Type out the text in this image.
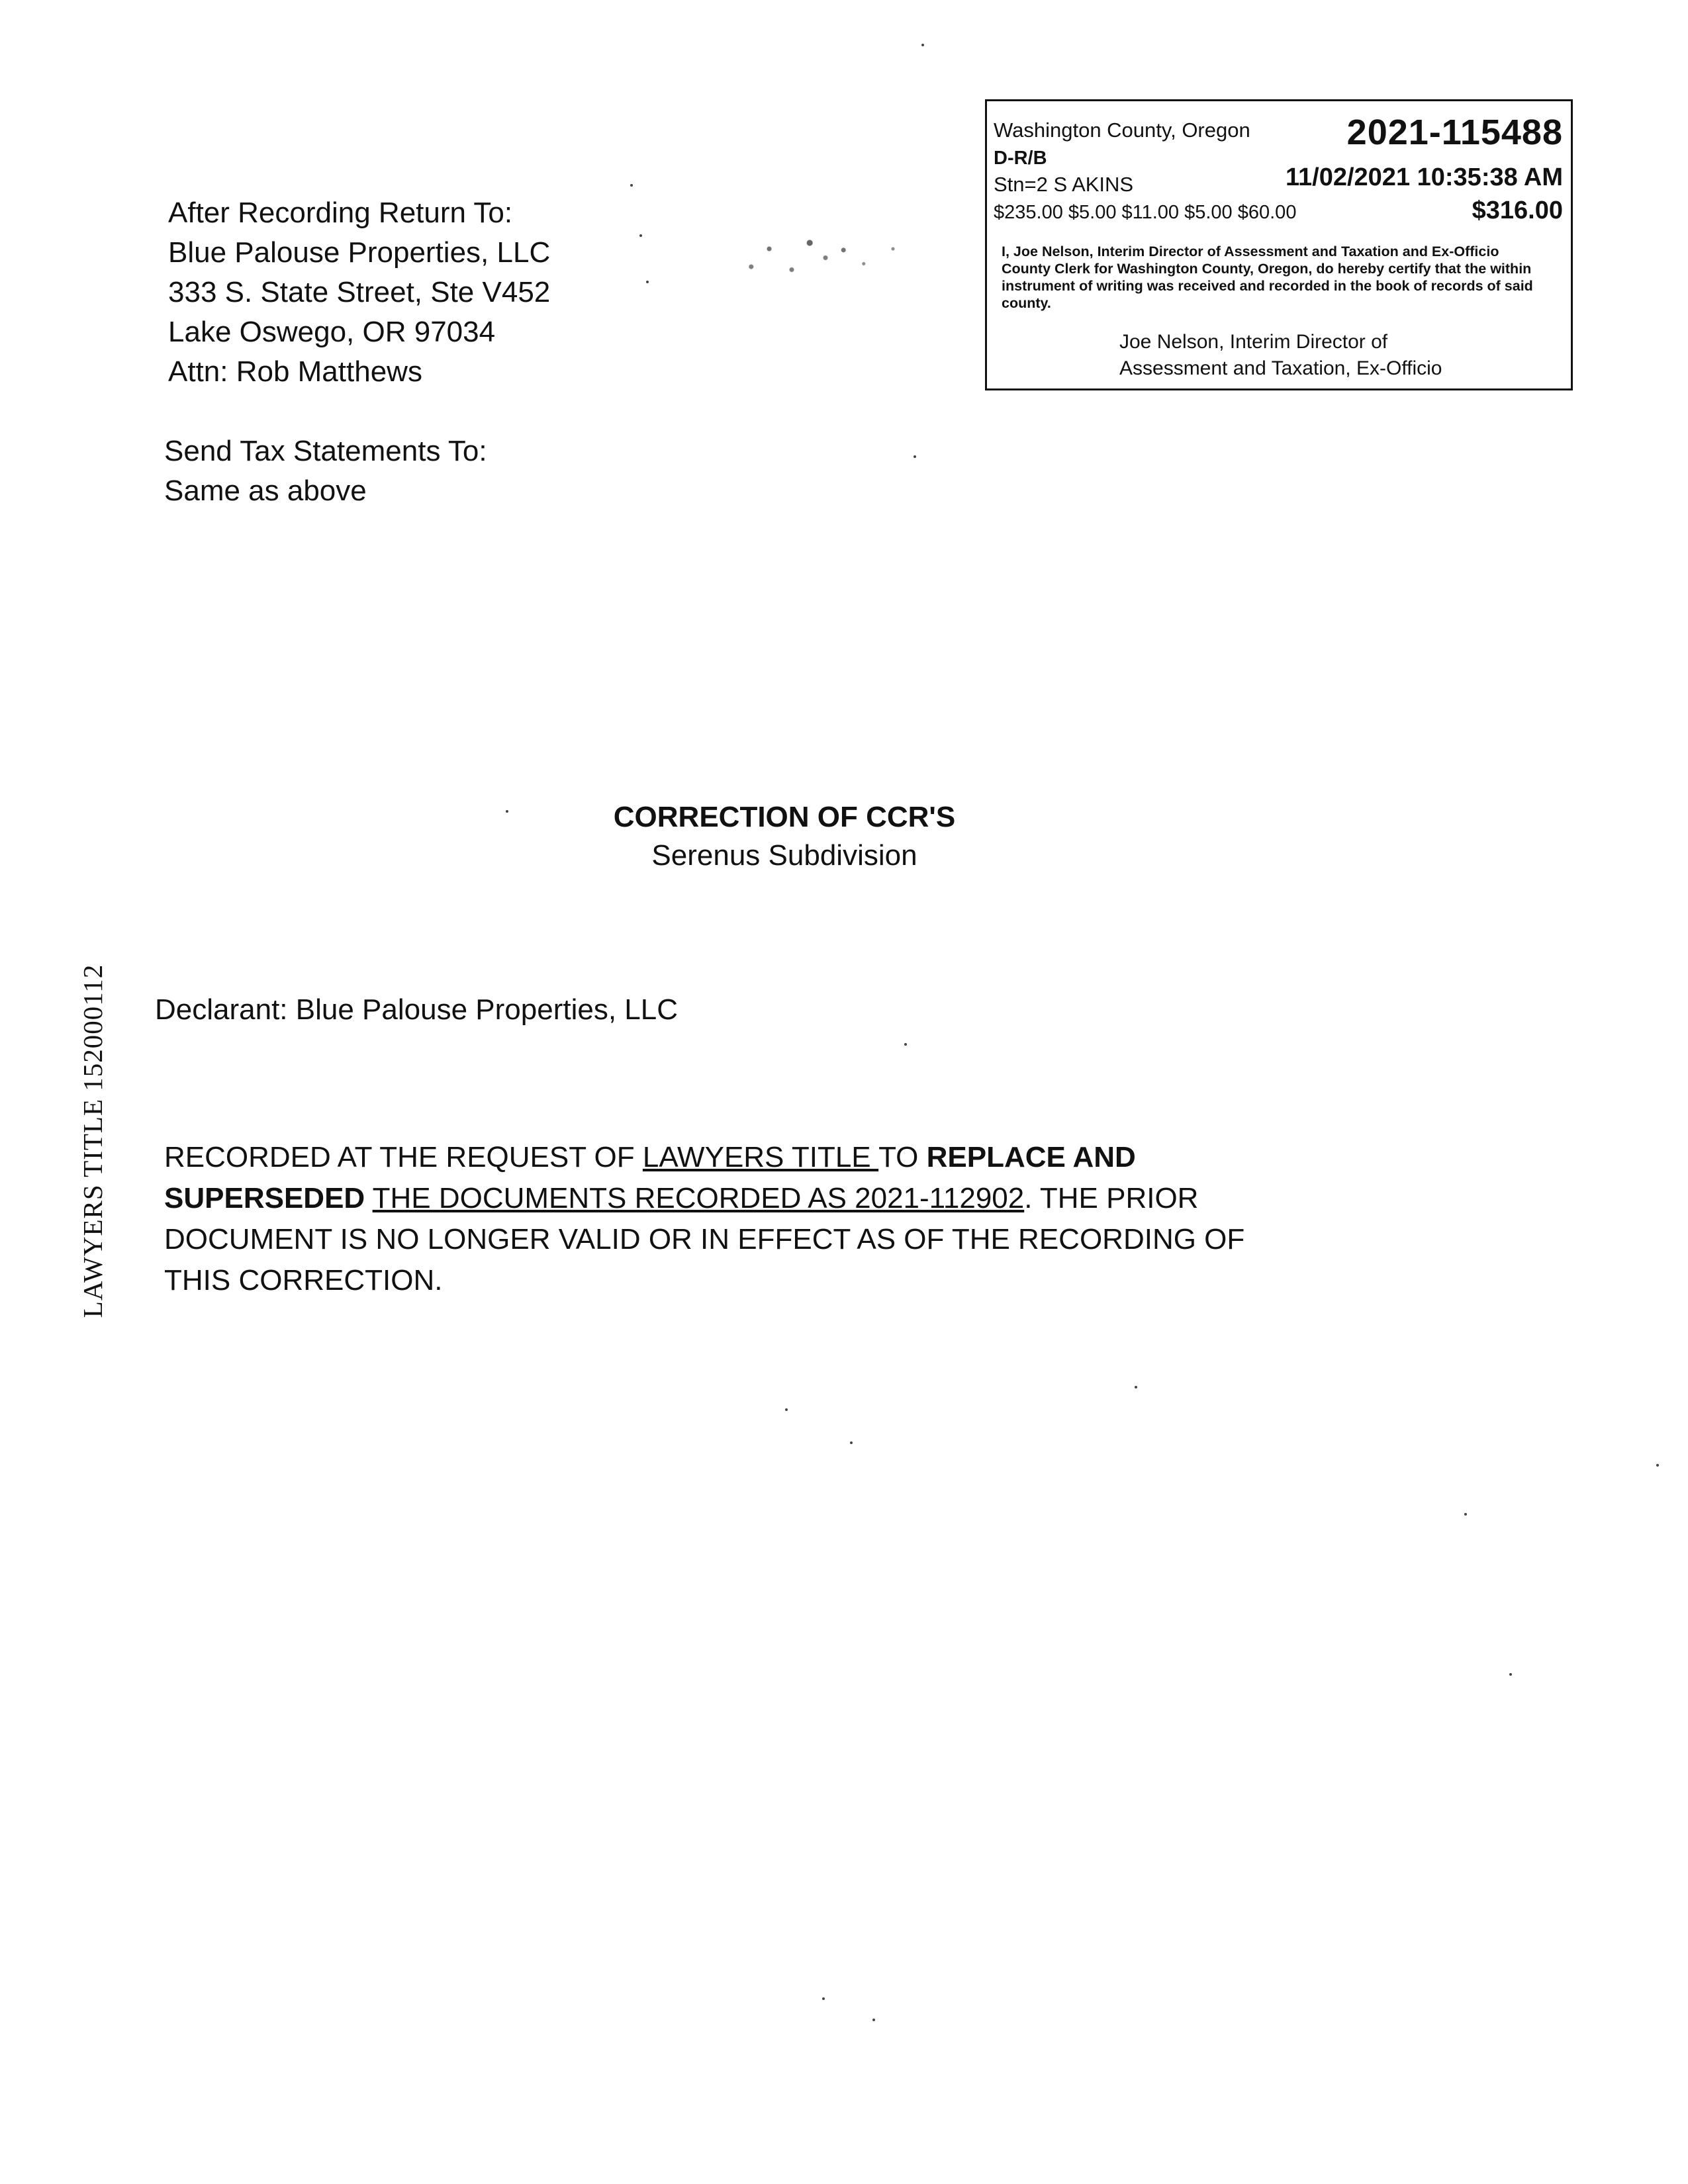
After Recording Return To:
Blue Palouse Properties, LLC
333 S. State Street, Ste V452
Lake Oswego, OR 97034
Attn: Rob Matthews
Send Tax Statements To:
Same as above
Washington County, Oregon	2021-115488
D-R/B
Stn=2 S AKINS	11/02/2021 10:35:38 AM
$235.00 $5.00 $11.00 $5.00 $60.00	$316.00
I, Joe Nelson, Interim Director of Assessment and Taxation and Ex-Officio County Clerk for Washington County, Oregon, do hereby certify that the within instrument of writing was received and recorded in the book of records of said county.
Joe Nelson, Interim Director of
Assessment and Taxation, Ex-Officio
CORRECTION OF CCR'S
Serenus Subdivision
Declarant: Blue Palouse Properties, LLC
RECORDED AT THE REQUEST OF LAWYERS TITLE TO REPLACE AND SUPERSEDED THE DOCUMENTS RECORDED AS 2021-112902. THE PRIOR DOCUMENT IS NO LONGER VALID OR IN EFFECT AS OF THE RECORDING OF THIS CORRECTION.
LAWYERS TITLE 152000112
